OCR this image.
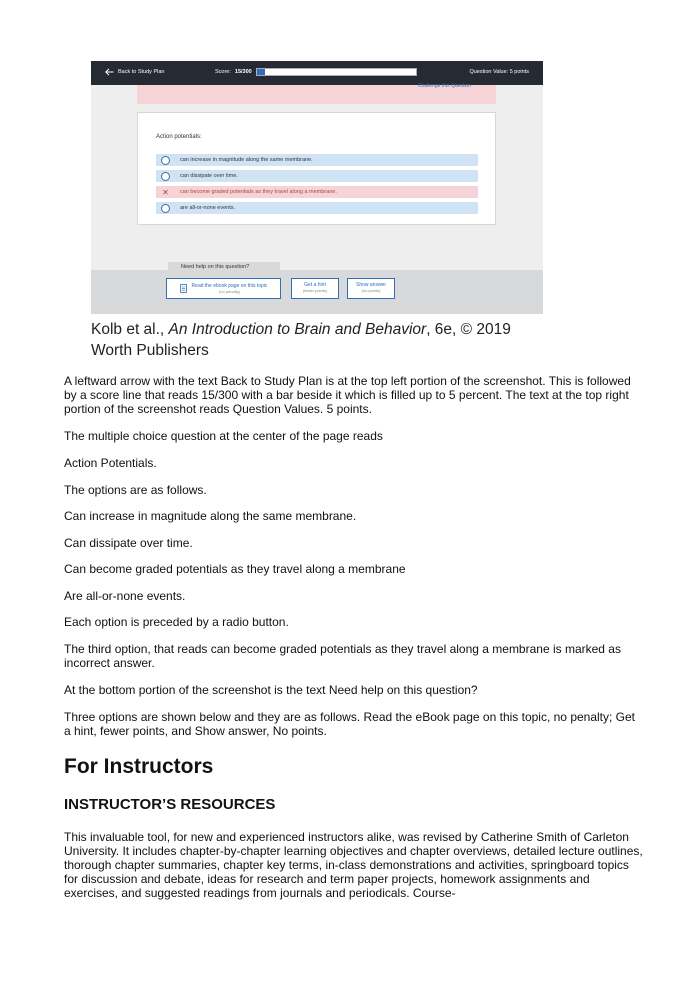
Back to Study Plan	Score: 15/300	Question Value: 5 points
Challenge this Question
Action potentials:
can increase in magnitude along the same membrane.
can dissipate over time.
✕ can become graded potentials as they travel along a membrane.
are all-or-none events.
Need help on this question?
Read the ebook page on this topic
(no penalty)
Get a hint
(fewer points)
Show answer
(no points)
Kolb et al., An Introduction to Brain and Behavior, 6e, © 2019
Worth Publishers

A leftward arrow with the text Back to Study Plan is at the top left portion of the screenshot. This is followed by a score line that reads 15/300 with a bar beside it which is filled up to 5 percent. The text at the top right portion of the screenshot reads Question Values. 5 points.

The multiple choice question at the center of the page reads

Action Potentials.

The options are as follows.

Can increase in magnitude along the same membrane.

Can dissipate over time.

Can become graded potentials as they travel along a membrane

Are all-or-none events.

Each option is preceded by a radio button.

The third option, that reads can become graded potentials as they travel along a membrane is marked as incorrect answer.

At the bottom portion of the screenshot is the text Need help on this question?

Three options are shown below and they are as follows. Read the eBook page on this topic, no penalty; Get a hint, fewer points, and Show answer, No points.

For Instructors
INSTRUCTOR’S RESOURCES

This invaluable tool, for new and experienced instructors alike, was revised by Catherine Smith of Carleton University. It includes chapter-by-chapter learning objectives and chapter overviews, detailed lecture outlines, thorough chapter summaries, chapter key terms, in-class demonstrations and activities, springboard topics for discussion and debate, ideas for research and term paper projects, homework assignments and exercises, and suggested readings from journals and periodicals. Course-
